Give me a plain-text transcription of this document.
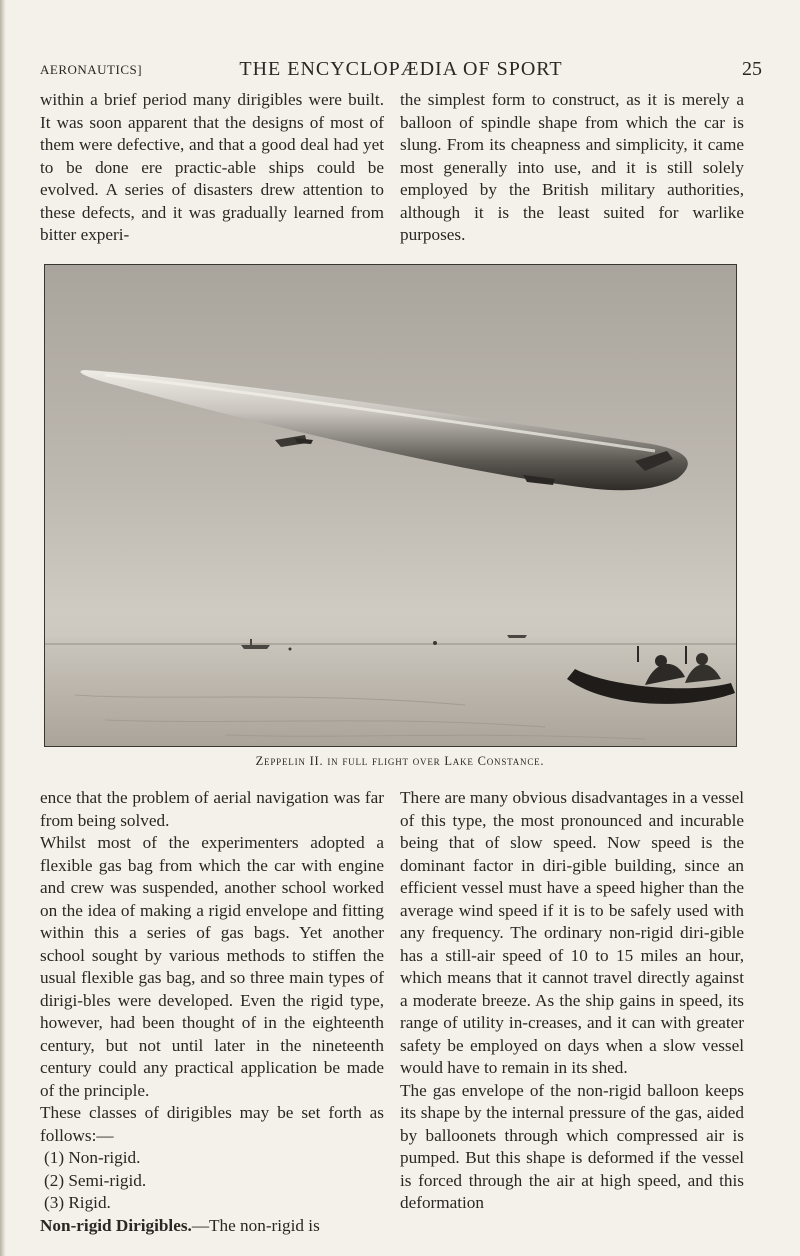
AERONAUTICS]	THE ENCYCLOPÆDIA OF SPORT	25

within a brief period many dirigibles were built. It was soon apparent that the designs of most of them were defective, and that a good deal had yet to be done ere practic-able ships could be evolved. A series of disasters drew attention to these defects, and it was gradually learned from bitter experi-

the simplest form to construct, as it is merely a balloon of spindle shape from which the car is slung. From its cheapness and simplicity, it came most generally into use, and it is still solely employed by the British military authorities, although it is the least suited for warlike purposes.

Zeppelin II. in full flight over Lake Constance.

ence that the problem of aerial navigation was far from being solved.

Whilst most of the experimenters adopted a flexible gas bag from which the car with engine and crew was suspended, another school worked on the idea of making a rigid envelope and fitting within this a series of gas bags. Yet another school sought by various methods to stiffen the usual flexible gas bag, and so three main types of dirigi-bles were developed. Even the rigid type, however, had been thought of in the eighteenth century, but not until later in the nineteenth century could any practical application be made of the principle.

These classes of dirigibles may be set forth as follows:—

(1) Non-rigid.

(2) Semi-rigid.

(3) Rigid.

Non-rigid Dirigibles.—The non-rigid is

There are many obvious disadvantages in a vessel of this type, the most pronounced and incurable being that of slow speed. Now speed is the dominant factor in diri-gible building, since an efficient vessel must have a speed higher than the average wind speed if it is to be safely used with any frequency. The ordinary non-rigid diri-gible has a still-air speed of 10 to 15 miles an hour, which means that it cannot travel directly against a moderate breeze. As the ship gains in speed, its range of utility in-creases, and it can with greater safety be employed on days when a slow vessel would have to remain in its shed.

The gas envelope of the non-rigid balloon keeps its shape by the internal pressure of the gas, aided by balloonets through which compressed air is pumped. But this shape is deformed if the vessel is forced through the air at high speed, and this deformation
